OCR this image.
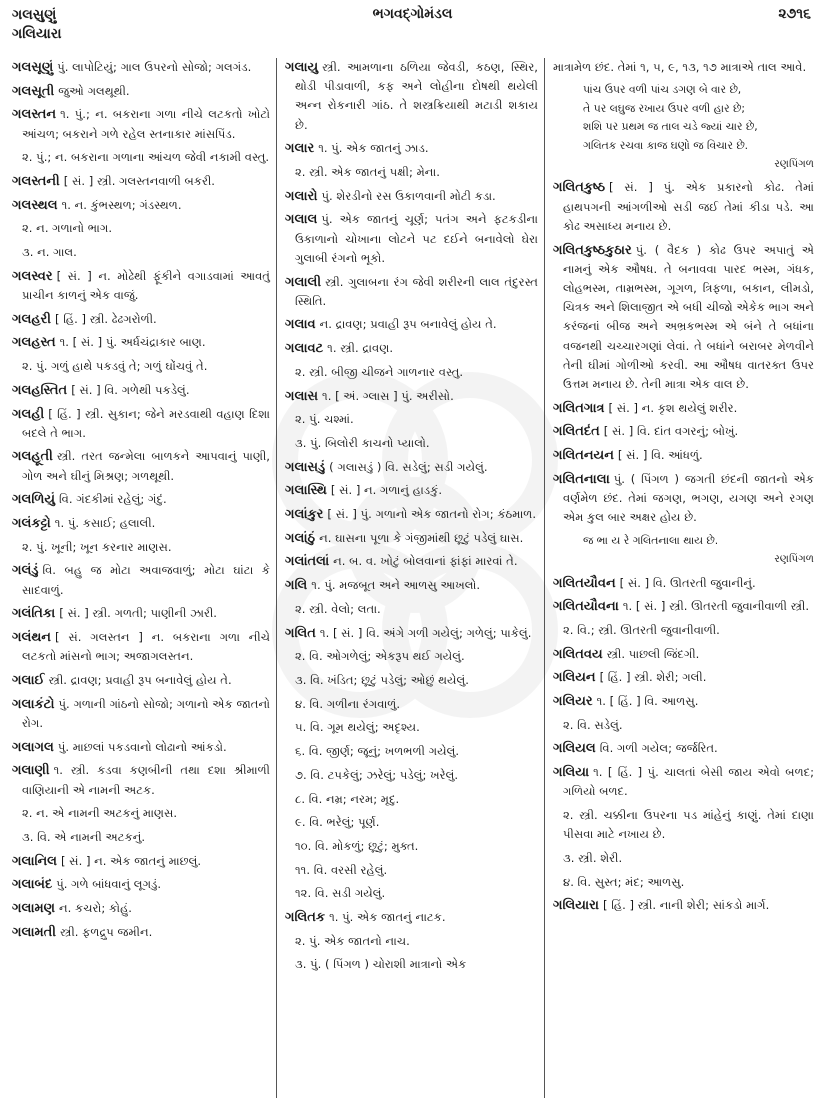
ગલસુણું
ગલિયારા
ભગવદ્ગોમંડલ	૨૭૧૬
ગલસૂણું પું. લાપોટિયું; ગાલ ઉપરનો સોજો; ગલગંડ.
ગલસૂતી જુઓ ગલથૂથી.
ગલસ્તન ૧. પું.; ન. બકરાના ગળા નીચે લટકતો ખોટો આંચળ; બકરાને ગળે રહેલ સ્તનાકાર માંસપિંડ.
૨. પું.; ન. બકરાના ગળાના આંચળ જેવી નકામી વસ્તુ.
ગલસ્તની [ સં. ] સ્ત્રી. ગલસ્તનવાળી બકરી.
ગલસ્થલ ૧. ન. કુંભસ્થળ; ગંડસ્થળ.
૨. ન. ગળાનો ભાગ.
૩. ન. ગાલ.
ગલસ્વર [ સં. ] ન. મોઢેથી ફૂંકીને વગાડવામાં આવતું પ્રાચીન કાળનું એક વાજું.
ગલહરી [ હિં. ] સ્ત્રી. ઢેઢગરોળી.
ગલહસ્ત ૧. [ સં. ] પું. અર્ધચંદ્રાકાર બાણ.
૨. પું. ગળું હાથે પકડવું તે; ગળું ઘોંચવું તે.
ગલહસ્તિત [ સં. ] વિ. ગળેથી પકડેલું.
ગલહી [ હિં. ] સ્ત્રી. સુકાન; જેને મરડવાથી વહાણ દિશા બદલે તે ભાગ.
ગલહૂતી સ્ત્રી. તરત જન્મેલા બાળકને આપવાનું પાણી, ગોળ અને ઘીનું મિશ્રણ; ગળથૂથી.
ગલળિયું વિ. ગંદકીમાં રહેલું; ગંદું.
ગલંકટ્ટો ૧. પું. કસાઈ; હલાલી.
૨. પું. ખૂની; ખૂન કરનાર માણસ.
ગલંડું વિ. બહુ જ મોટા અવાજવાળું; મોટા ઘાંટા કે સાદવાળું.
ગલંતિકા [ સં. ] સ્ત્રી. ગળતી; પાણીની ઝારી.
ગલંથન [ સં. ગલસ્તન ] ન. બકરાના ગળા નીચે લટકતો માંસનો ભાગ; અજાગલસ્તન.
ગલાઈ સ્ત્રી. દ્રાવણ; પ્રવાહી રૂપ બનાવેલું હોય તે.
ગલાકંટો પું. ગળાની ગાંઠનો સોજો; ગળાનો એક જાતનો રોગ.
ગલાગલ પું. માછલાં પકડવાનો લોઢાનો આંકડો.
ગલાણી ૧. સ્ત્રી. કડવા કણબીની તથા દશા શ્રીમાળી વાણિયાની એ નામની અટક.
૨. ન. એ નામની અટકનું માણસ.
૩. વિ. એ નામની અટકનું.
ગલાનિલ [ સં. ] ન. એક જાતનું માછલું.
ગલાબંદ પું. ગળે બાંધવાનું લૂગડું.
ગલામણ ન. કચરો; કોહું.
ગલામતી સ્ત્રી. ફળદ્રુપ જમીન.
ગલાયુ સ્ત્રી. આમળાના ઠળિયા જેવડી, કઠણ, સ્થિર, થોડી પીડાવાળી, કફ અને લોહીના દોષથી થયેલી અન્ન રોકનારી ગાંઠ. તે શસ્ત્રક્રિયાથી મટાડી શકાય છે.
ગલાર ૧. પું. એક જાતનું ઝાડ.
૨. સ્ત્રી. એક જાતનું પક્ષી; મેના.
ગલારો પું. શેરડીનો રસ ઉકાળવાની મોટી કડા.
ગલાલ પું. એક જાતનું ચૂર્ણ; પતંગ અને ફટકડીના ઉકાળાનો ચોખાના લોટને પટ દઈને બનાવેલો ઘેરા ગુલાબી રંગનો ભૂકો.
ગલાલી સ્ત્રી. ગુલાબના રંગ જેવી શરીરની લાલ તંદુરસ્ત સ્થિતિ.
ગલાવ ન. દ્રાવણ; પ્રવાહી રૂપ બનાવેલું હોય તે.
ગલાવટ ૧. સ્ત્રી. દ્રાવણ.
૨. સ્ત્રી. બીજી ચીજને ગાળનાર વસ્તુ.
ગલાસ ૧. [ અં. ગ્લાસ ] પું. અરીસો.
૨. પું. ચશ્માં.
૩. પું. બિલોરી કાચનો પ્યાલો.
ગલાસડું ( ગલાસડું ) વિ. સડેલું; સડી ગયેલું.
ગલાસ્થિ [ સં. ] ન. ગળાનું હાડકું.
ગલાંકુર [ સં. ] પું. ગળાનો એક જાતનો રોગ; કંઠમાળ.
ગલાંઠું ન. ઘાસના પૂળા કે ગંજીમાંથી છૂટું પડેલું ઘાસ.
ગલાંતલાં ન. બ. વ. ખોટું બોલવાનાં ફાંફાં મારવાં તે.
ગલિ ૧. પું. મજબૂત અને આળસુ આખલો.
૨. સ્ત્રી. વેલો; લતા.
ગલિત ૧. [ સં. ] વિ. અંગે ગળી ગયેલું; ગળેલું; પાકેલું.
૨. વિ. ઓગળેલું; એકરૂપ થઈ ગયેલું.
૩. વિ. ખંડિત; છૂટું પડેલું; ઓછું થયેલું.
૪. વિ. ગળીના રંગવાળું.
૫. વિ. ગૂમ થયેલું; અદૃશ્ય.
૬. વિ. જીર્ણ; જૂનું; ખળભળી ગયેલું.
૭. વિ. ટપકેલું; ઝરેલું; પડેલું; ખરેલું.
૮. વિ. નમ્ર; નરમ; મૃદુ.
૯. વિ. ભરેલું; પૂર્ણ.
૧૦. વિ. મોકળું; છૂટું; મુક્ત.
૧૧. વિ. વરસી રહેલું.
૧૨. વિ. સડી ગયેલું.
ગલિતક ૧. પું. એક જાતનું નાટક.
૨. પું. એક જાતનો નાચ.
૩. પું. ( પિંગળ ) ચોરાશી માત્રાનો એક
માત્રામેળ છંદ. તેમાં ૧, ૫, ૯, ૧૩, ૧૭ માત્રાએ તાલ આવે.
પાંચ ઉપર વળી પાંચ ડગણ બે વાર છે,
તે પર લઘુજ રખાય ઉપર વળી હાર છે;
શશિ પર પ્રથમ જ તાલ ચડે જ્યાં ચાર છે,
ગલિતક રચવા કાજ ઘણો જ વિચાર છે.
રણપિંગળ
ગલિતકુષ્ઠ [ સં. ] પું. એક પ્રકારનો કોઢ. તેમાં હાથપગની આંગળીઓ સડી જઈ તેમાં કીડા પડે. આ કોઢ અસાધ્ય મનાય છે.
ગલિતકુષ્ઠકુઠાર પું. ( વૈદક ) કોઢ ઉપર અપાતું એ નામનું એક ઔષધ. તે બનાવવા પારદ ભસ્મ, ગંધક, લોહભસ્મ, તામ્રભસ્મ, ગૂગળ, ત્રિફળા, બકાન, લીમડો, ચિત્રક અને શિલાજીત એ બધી ચીજો એકેક ભાગ અને કરંજનાં બીજ અને અભ્રકભસ્મ એ બંને તે બધાંના વજનથી ચચ્ચારગણાં લેવાં. તે બધાંને બરાબર મેળવીને તેની ઘીમાં ગોળીઓ કરવી. આ ઔષધ વાતરક્ત ઉપર ઉત્તમ મનાય છે. તેની માત્રા એક વાલ છે.
ગલિતગાત્ર [ સં. ] ન. કૃશ થયેલું શરીર.
ગલિતદંત [ સં. ] વિ. દાંત વગરનું; બોખું.
ગલિતનયન [ સં. ] વિ. આંધળું.
ગલિતનાલા પું. ( પિંગળ ) જગતી છંદની જાતનો એક વર્ણમેળ છંદ. તેમાં જગણ, ભગણ, યગણ અને રગણ એમ કુલ બાર અક્ષર હોય છે.
જ ભા ય રે ગલિતનાલા થાય છે.
રણપિંગળ
ગલિતયૌવન [ સં. ] વિ. ઊતરતી જુવાનીનું.
ગલિતયૌવના ૧. [ સં. ] સ્ત્રી. ઊતરતી જુવાનીવાળી સ્ત્રી.
૨. વિ.; સ્ત્રી. ઊતરતી જુવાનીવાળી.
ગલિતવય સ્ત્રી. પાછલી જિંદગી.
ગલિયન [ હિં. ] સ્ત્રી. શેરી; ગલી.
ગલિયર ૧. [ હિં. ] વિ. આળસુ.
૨. વિ. સડેલું.
ગલિયલ વિ. ગળી ગયેલ; જર્જરિત.
ગલિયા ૧. [ હિં. ] પું. ચાલતાં બેસી જાય એવો બળદ; ગળિયો બળદ.
૨. સ્ત્રી. ચક્કીના ઉપરના પડ માંહેનું કાણું. તેમાં દાણા પીસવા માટે નખાય છે.
૩. સ્ત્રી. શેરી.
૪. વિ. સુસ્ત; મંદ; આળસુ.
ગલિયારા [ હિં. ] સ્ત્રી. નાની શેરી; સાંકડો માર્ગ.
